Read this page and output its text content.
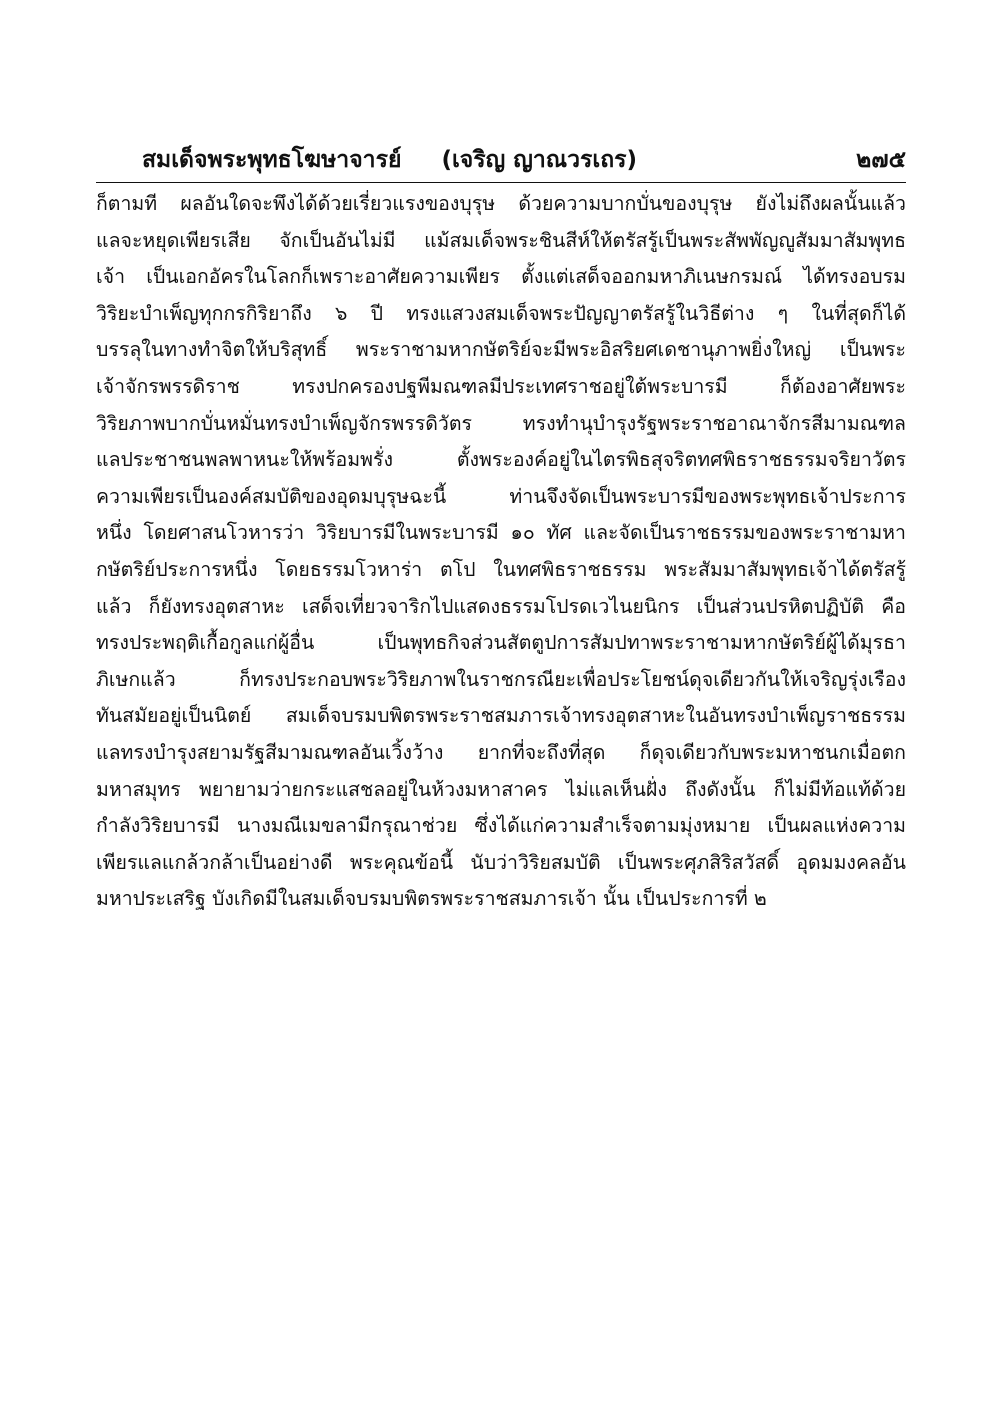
สมเด็จพระพุทธโฆษาจารย์ (เจริญ ญาณวรเถร)	๒๗๕
ก็ตามที ผลอันใดจะพึงได้ด้วยเรี่ยวแรงของบุรุษ ด้วยความบากบั่นของบุรุษ ยังไม่ถึงผลนั้นแล้ว
แลจะหยุดเพียรเสีย จักเป็นอันไม่มี แม้สมเด็จพระชินสีห์ให้ตรัสรู้เป็นพระสัพพัญญูสัมมาสัมพุทธ
เจ้า เป็นเอกอัครในโลกก็เพราะอาศัยความเพียร ตั้งแต่เสด็จออกมหาภิเนษกรมณ์ ได้ทรงอบรม
วิริยะบำเพ็ญทุกกรกิริยาถึง ๖ ปี ทรงแสวงสมเด็จพระปัญญาตรัสรู้ในวิธีต่าง ๆ ในที่สุดก็ได้
บรรลุในทางทำจิตให้บริสุทธิ์ พระราชามหากษัตริย์จะมีพระอิสริยศเดชานุภาพยิ่งใหญ่ เป็นพระ
เจ้าจักรพรรดิราช ทรงปกครองปฐพีมณฑลมีประเทศราชอยู่ใต้พระบารมี ก็ต้องอาศัยพระ
วิริยภาพบากบั่นหมั่นทรงบำเพ็ญจักรพรรดิวัตร ทรงทำนุบำรุงรัฐพระราชอาณาจักรสีมามณฑล
แลประชาชนพลพาหนะให้พร้อมพรั่ง ตั้งพระองค์อยู่ในไตรพิธสุจริตทศพิธราชธรรมจริยาวัตร
ความเพียรเป็นองค์สมบัติของอุดมบุรุษฉะนี้ ท่านจึงจัดเป็นพระบารมีของพระพุทธเจ้าประการ
หนึ่ง โดยศาสนโวหารว่า วิริยบารมีในพระบารมี ๑๐ ทัศ และจัดเป็นราชธรรมของพระราชามหา
กษัตริย์ประการหนึ่ง โดยธรรมโวหาร่า ตโป ในทศพิธราชธรรม พระสัมมาสัมพุทธเจ้าได้ตรัสรู้
แล้ว ก็ยังทรงอุตสาหะ เสด็จเที่ยวจาริกไปแสดงธรรมโปรดเวไนยนิกร เป็นส่วนปรหิตปฏิบัติ คือ
ทรงประพฤติเกื้อกูลแก่ผู้อื่น เป็นพุทธกิจส่วนสัตตูปการสัมปทาพระราชามหากษัตริย์ผู้ได้มุรธา
ภิเษกแล้ว ก็ทรงประกอบพระวิริยภาพในราชกรณียะเพื่อประโยชน์ดุจเดียวกันให้เจริญรุ่งเรือง
ทันสมัยอยู่เป็นนิตย์ สมเด็จบรมบพิตรพระราชสมภารเจ้าทรงอุตสาหะในอันทรงบำเพ็ญราชธรรม
แลทรงบำรุงสยามรัฐสีมามณฑลอันเวิ้งว้าง ยากที่จะถึงที่สุด ก็ดุจเดียวกับพระมหาชนกเมื่อตก
มหาสมุทร พยายามว่ายกระแสชลอยู่ในห้วงมหาสาคร ไม่แลเห็นฝั่ง ถึงดังนั้น ก็ไม่มีท้อแท้ด้วย
กำลังวิริยบารมี นางมณีเมขลามีกรุณาช่วย ซึ่งได้แก่ความสำเร็จตามมุ่งหมาย เป็นผลแห่งความ
เพียรแลแกล้วกล้าเป็นอย่างดี พระคุณข้อนี้ นับว่าวิริยสมบัติ เป็นพระศุภสิริสวัสดิ์ อุดมมงคลอัน
มหาประเสริฐ บังเกิดมีในสมเด็จบรมบพิตรพระราชสมภารเจ้า นั้น เป็นประการที่ ๒
